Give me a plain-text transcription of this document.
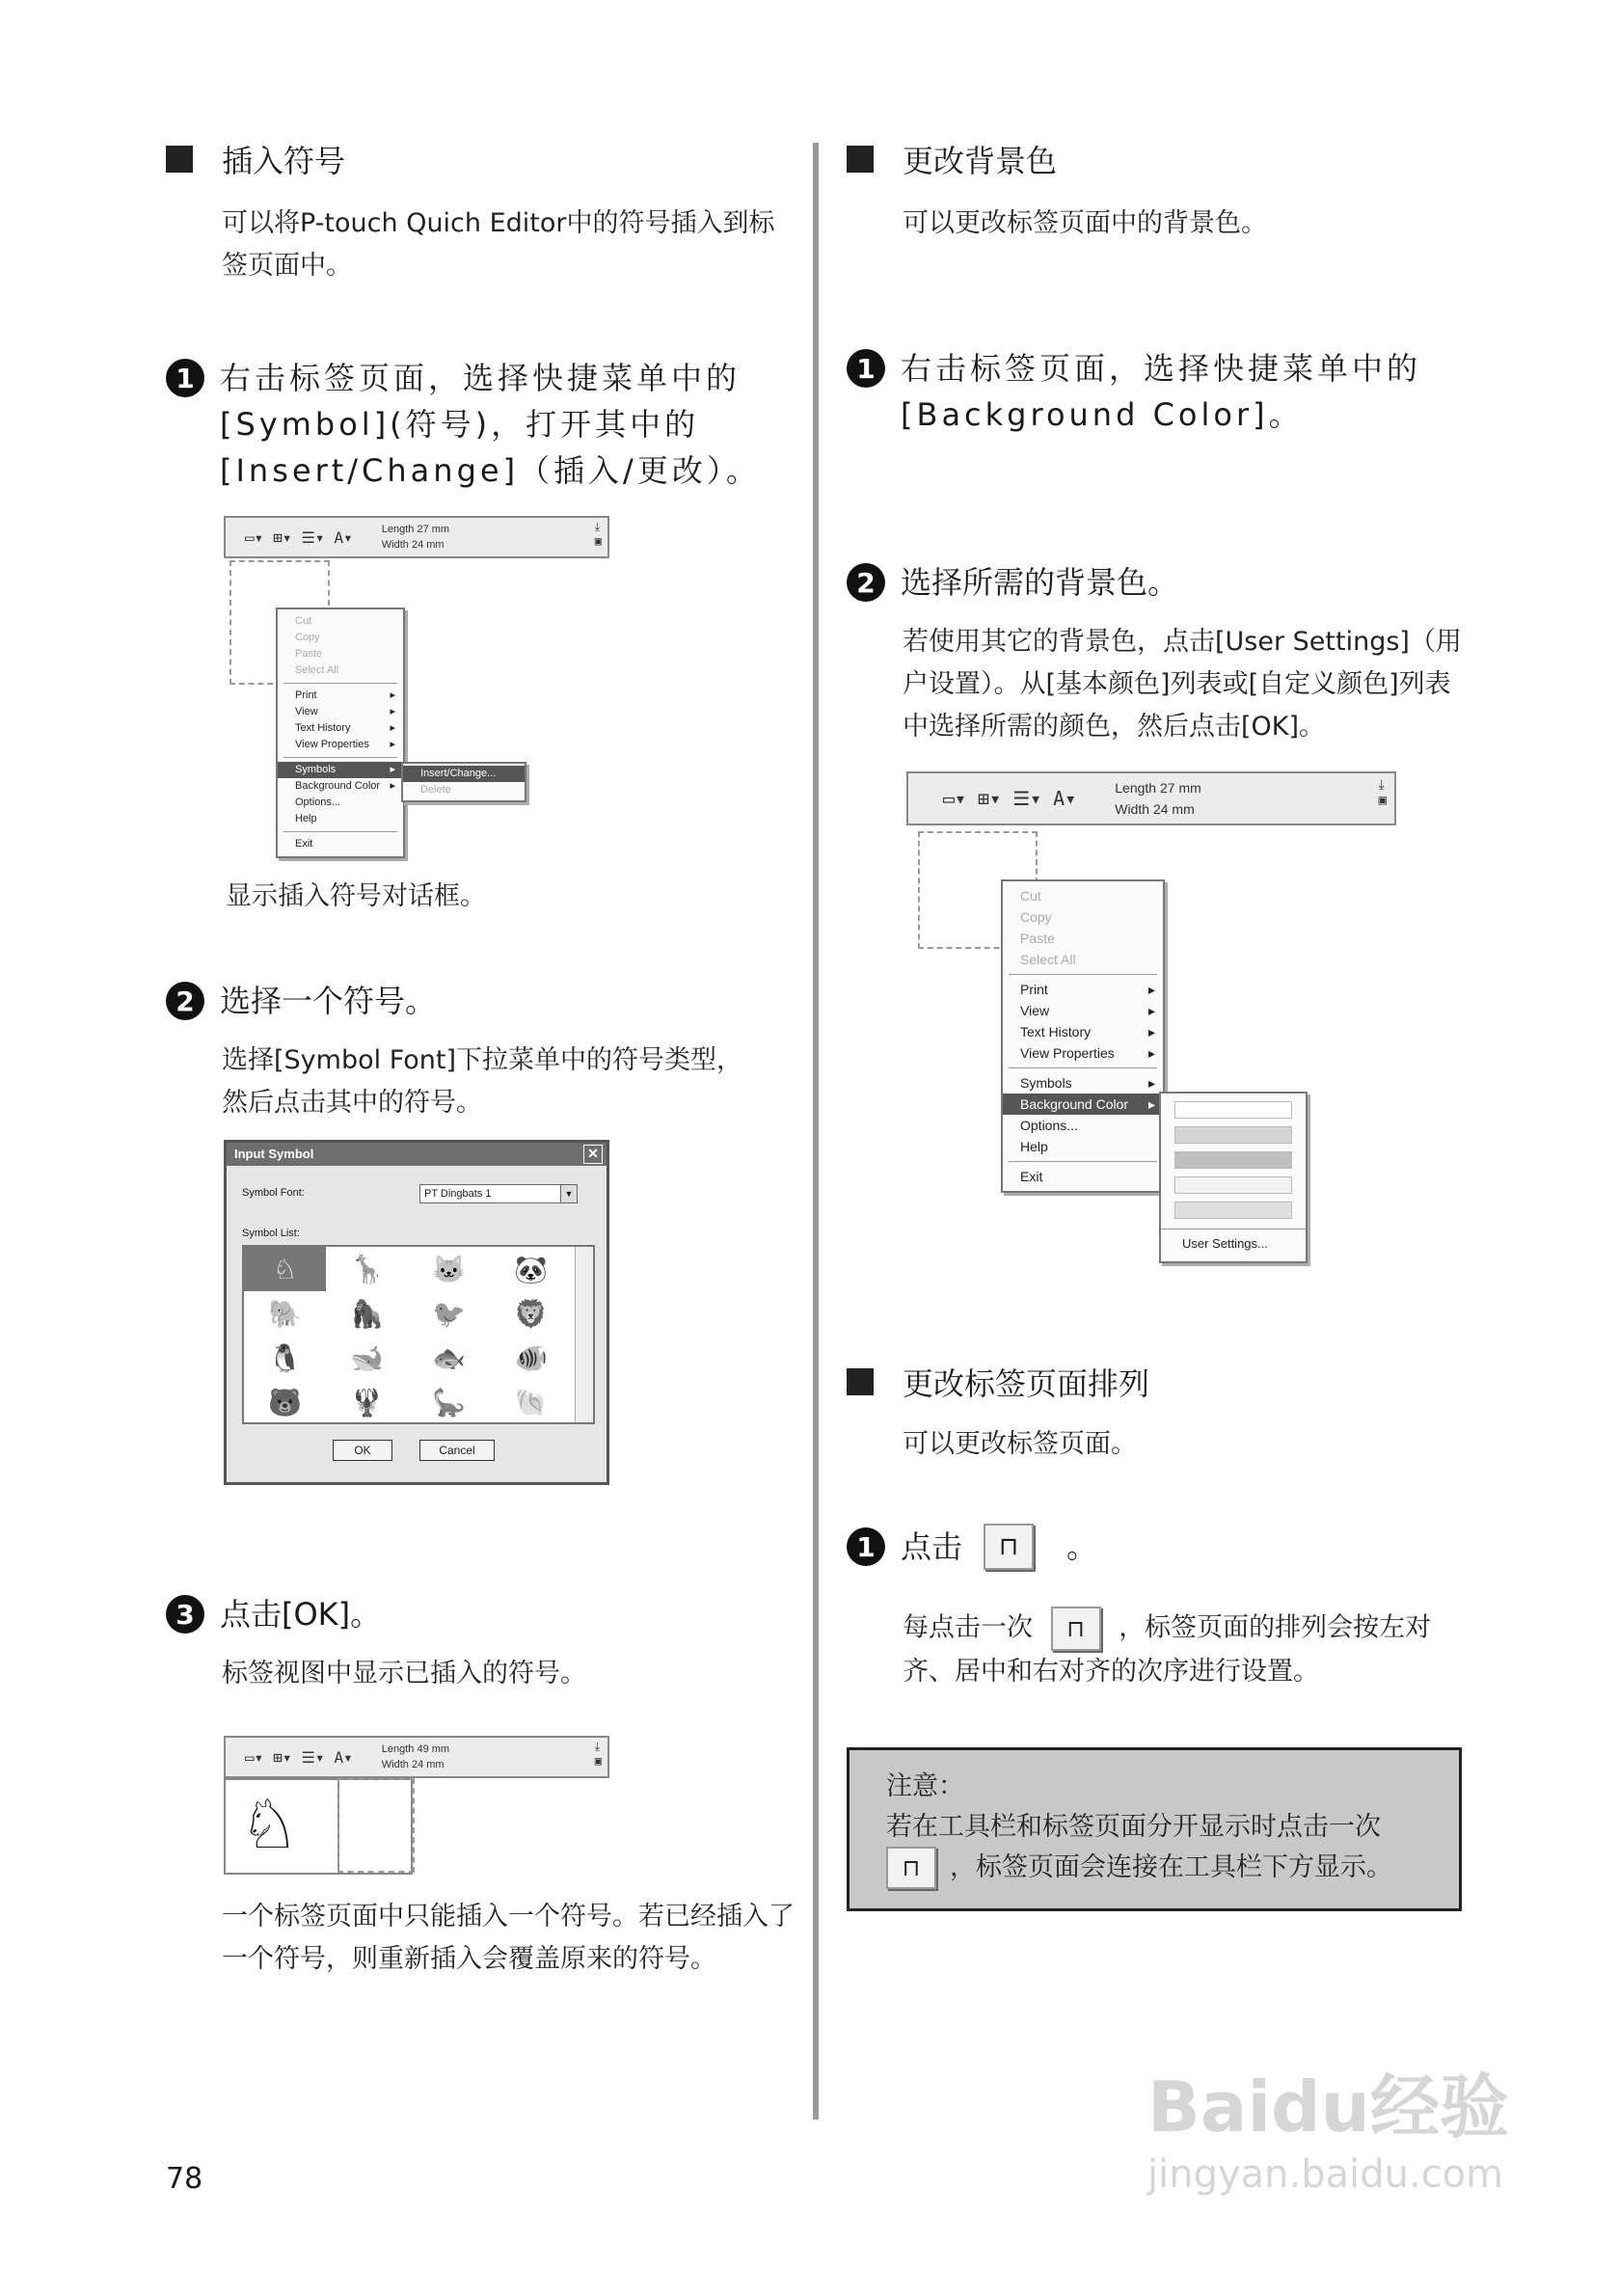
插入符号
可以将P-touch Quich Editor中的符号插入到标签页面中。
1 右击标签页面，选择快捷菜单中的[Symbol](符号)，打开其中的[Insert/Change]（插入/更改）。
▭▾ ⊞▾ ☰▾ A▾	Length 27 mm
Width 24 mm
⤓
▣
Cut
Copy
Paste
Select All
Print	▸
View	▸
Text History	▸
View Properties ▸
Symbols	▸
Background Color ▸
Options...
Help
Exit
Insert/Change...
Delete
显示插入符号对话框。
2 选择一个符号。
选择[Symbol Font]下拉菜单中的符号类型，然后点击其中的符号。
Input Symbol	✕
Symbol Font:	PT Dingbats 1	▼
Symbol List:
♘	🦒	🐱	🐼
🐘	🦍	🐦	🦁
🐧	🐋	🐟	🐠
🐻	🦞	🦕	🐚
OK	Cancel
3 点击[OK]。
标签视图中显示已插入的符号。
▭▾ ⊞▾ ☰▾ A▾	Length 49 mm
Width 24 mm
⤓
▣
♘
一个标签页面中只能插入一个符号。若已经插入了一个符号，则重新插入会覆盖原来的符号。
更改背景色
可以更改标签页面中的背景色。
1 右击标签页面，选择快捷菜单中的[Background Color]。
2 选择所需的背景色。
若使用其它的背景色，点击[User Settings]（用户设置）。从[基本颜色]列表或[自定义颜色]列表中选择所需的颜色，然后点击[OK]。
▭▾ ⊞▾ ☰▾ A▾	Length 27 mm
Width 24 mm
⤓
▣
Cut
Copy
Paste
Select All
Print	▸
View	▸
Text History	▸
View Properties	▸
Symbols	▸
Background Color ▸
Options...
Help
Exit
User Settings...
更改标签页面排列
可以更改标签页面。
1 点击	⊓	。
每点击一次 ⊓ ，标签页面的排列会按左对齐、居中和右对齐的次序进行设置。
注意：
若在工具栏和标签页面分开显示时点击一次
⊓	，标签页面会连接在工具栏下方显示。
78
Baidu经验
jingyan.baidu.com
